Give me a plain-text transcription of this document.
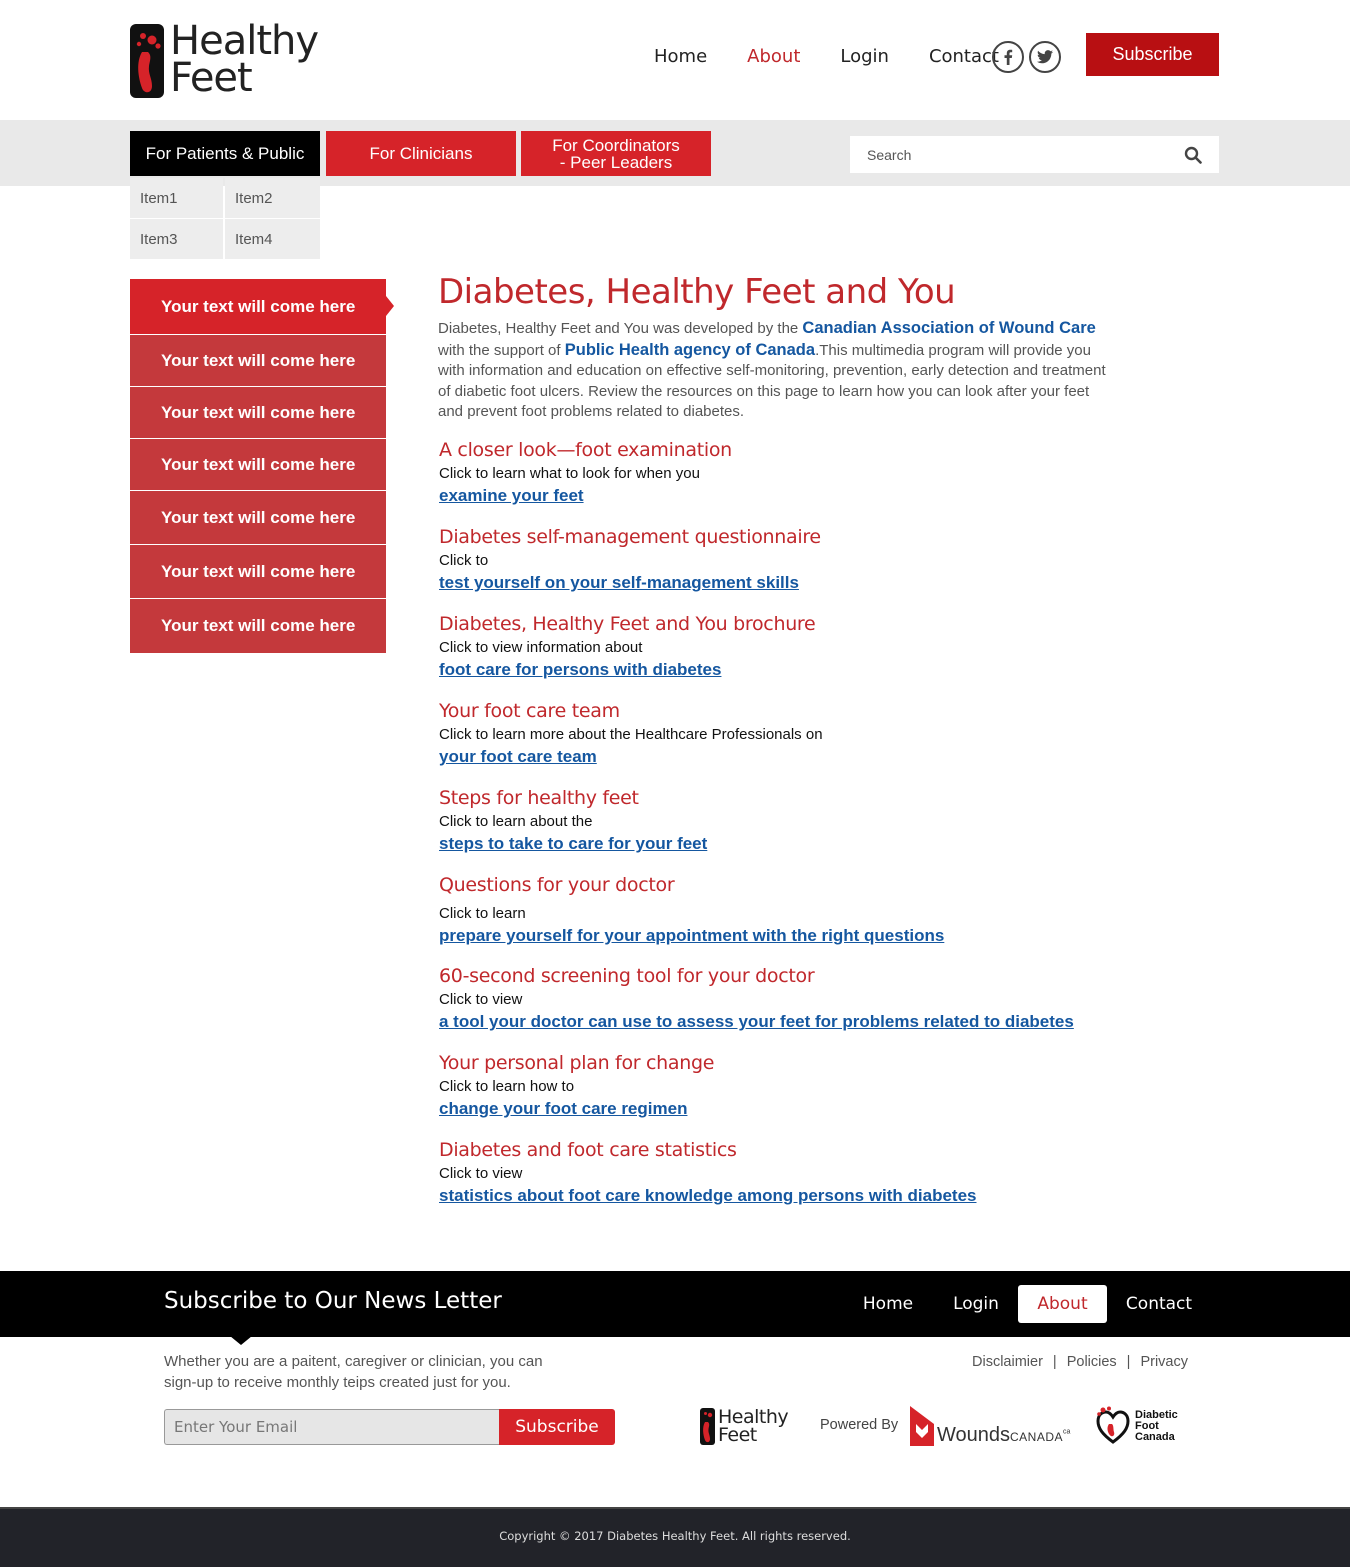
Healthy
Feet	Home About Login Contact	Subscribe
For Patients & Public	For Clinicians	For Coordinators
- Peer Leaders
Search
Item1	Item2
Item3	Item4
Your text will come here
Your text will come here
Your text will come here
Your text will come here
Your text will come here
Your text will come here
Your text will come here
Diabetes, Healthy Feet and You

Diabetes, Healthy Feet and You was developed by the Canadian Association of Wound Care with the support of Public Health agency of Canada.This multimedia program will provide you with information and education on effective self-monitoring, prevention, early detection and treatment of diabetic foot ulcers. Review the resources on this page to learn how you can look after your feet and prevent foot problems related to diabetes.

A closer look—foot examination
Click to learn what to look for when you
examine your feet
Diabetes self-management questionnaire
Click to
test yourself on your self-management skills
Diabetes, Healthy Feet and You brochure
Click to view information about
foot care for persons with diabetes
Your foot care team
Click to learn more about the Healthcare Professionals on
your foot care team
Steps for healthy feet
Click to learn about the
steps to take to care for your feet
Questions for your doctor
Click to learn
prepare yourself for your appointment with the right questions
60-second screening tool for your doctor
Click to view
a tool your doctor can use to assess your feet for problems related to diabetes
Your personal plan for change
Click to learn how to
change your foot care regimen
Diabetes and foot care statistics
Click to view
statistics about foot care knowledge among persons with diabetes
Subscribe to Our News Letter	Home	Login	About	Contact
Whether you are a paitent, caregiver or clinician, you can sign-up to receive monthly teips created just for you.
Disclaimier | Policies | Privacy
Enter Your Email
Subscribe	Healthy
Feet	Powered By WoundsCANADA$^{ca}$
Diabetic
Foot
Canada
Copyright © 2017 Diabetes Healthy Feet. All rights reserved.
